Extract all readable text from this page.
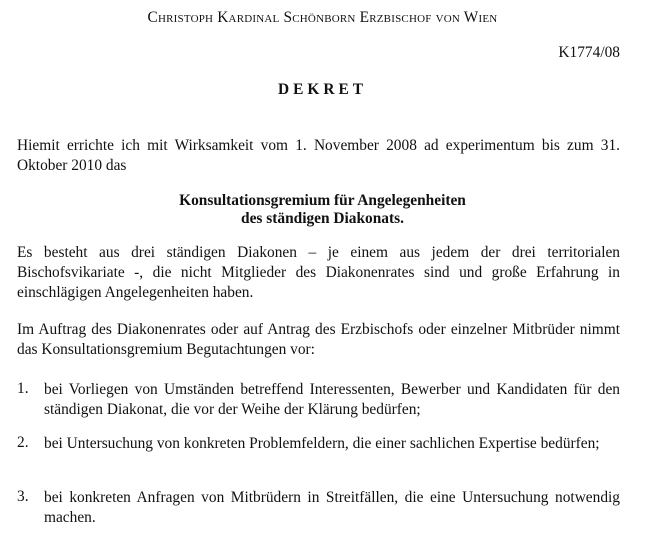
Christoph Kardinal Schönborn Erzbischof von Wien
K1774/08
DEKRET

Hiemit errichte ich mit Wirksamkeit vom 1. November 2008 ad experimentum bis zum 31. Oktober 2010 das

Konsultationsgremium für Angelegenheiten
des ständigen Diakonats.

Es besteht aus drei ständigen Diakonen – je einem aus jedem der drei territorialen Bischofsvikariate -, die nicht Mitglieder des Diakonenrates sind und große Erfahrung in einschlägigen Angelegenheiten haben.

Im Auftrag des Diakonenrates oder auf Antrag des Erzbischofs oder einzelner Mitbrüder nimmt das Konsultationsgremium Begutachtungen vor:

1.	bei Vorliegen von Umständen betreffend Interessenten, Bewerber und Kandidaten für den ständigen Diakonat, die vor der Weihe der Klärung bedürfen;
2.	bei Untersuchung von konkreten Problemfeldern, die einer sachlichen Expertise bedürfen;
3.	bei konkreten Anfragen von Mitbrüdern in Streitfällen, die eine Untersuchung notwendig machen.
